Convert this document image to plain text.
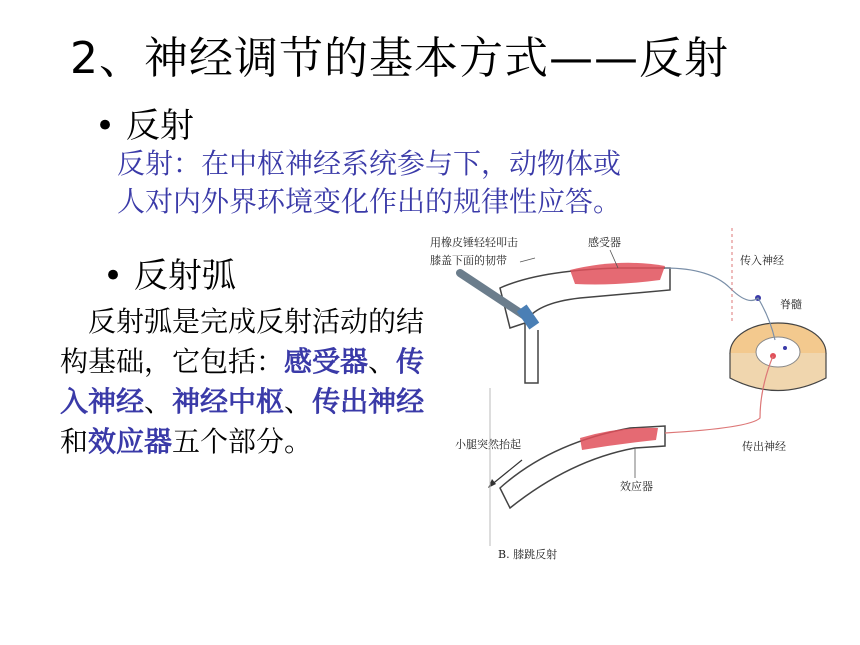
2、神经调节的基本方式——反射
• 反射
反射：在中枢神经系统参与下，动物体或
人对内外界环境变化作出的规律性应答。
• 反射弧
 反射弧是完成反射活动的结构基础，它包括：感受器、传入神经、神经中枢、传出神经和效应器五个部分。
用橡皮锤轻轻叩击
膝盖下面的韧带
感受器
传入神经
脊髓
传出神经
小腿突然抬起
效应器
B. 膝跳反射
